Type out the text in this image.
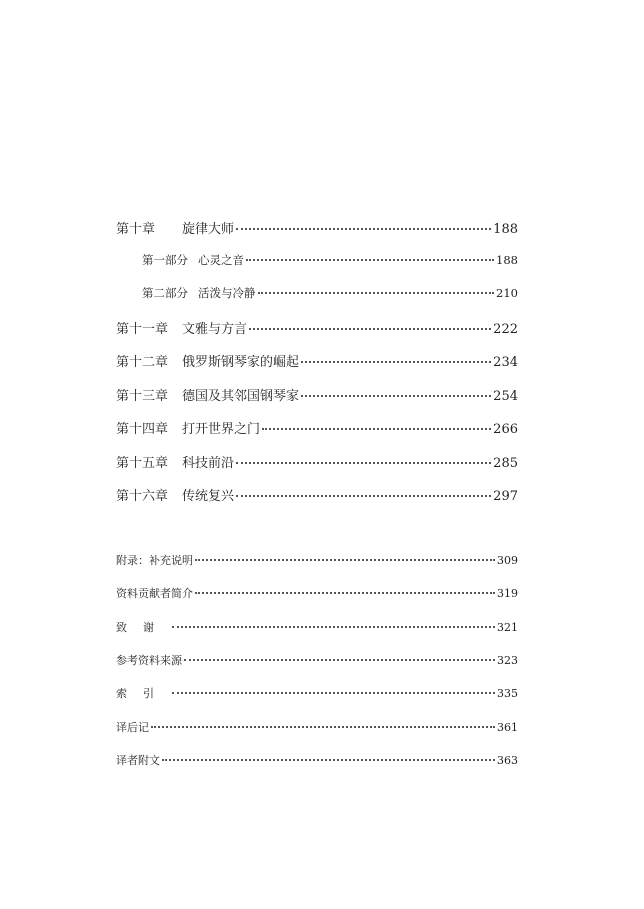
第十章 旋律大师	188
第一部分 心灵之音	188
第二部分 活泼与冷静	210
第十一章 文雅与方言	222
第十二章 俄罗斯钢琴家的崛起	234
第十三章 德国及其邻国钢琴家	254
第十四章 打开世界之门	266
第十五章 科技前沿	285
第十六章 传统复兴	297
附录：补充说明	309
资料贡献者简介	319
致谢	321
参考资料来源	323
索引	335
译后记	361
译者附文	363
